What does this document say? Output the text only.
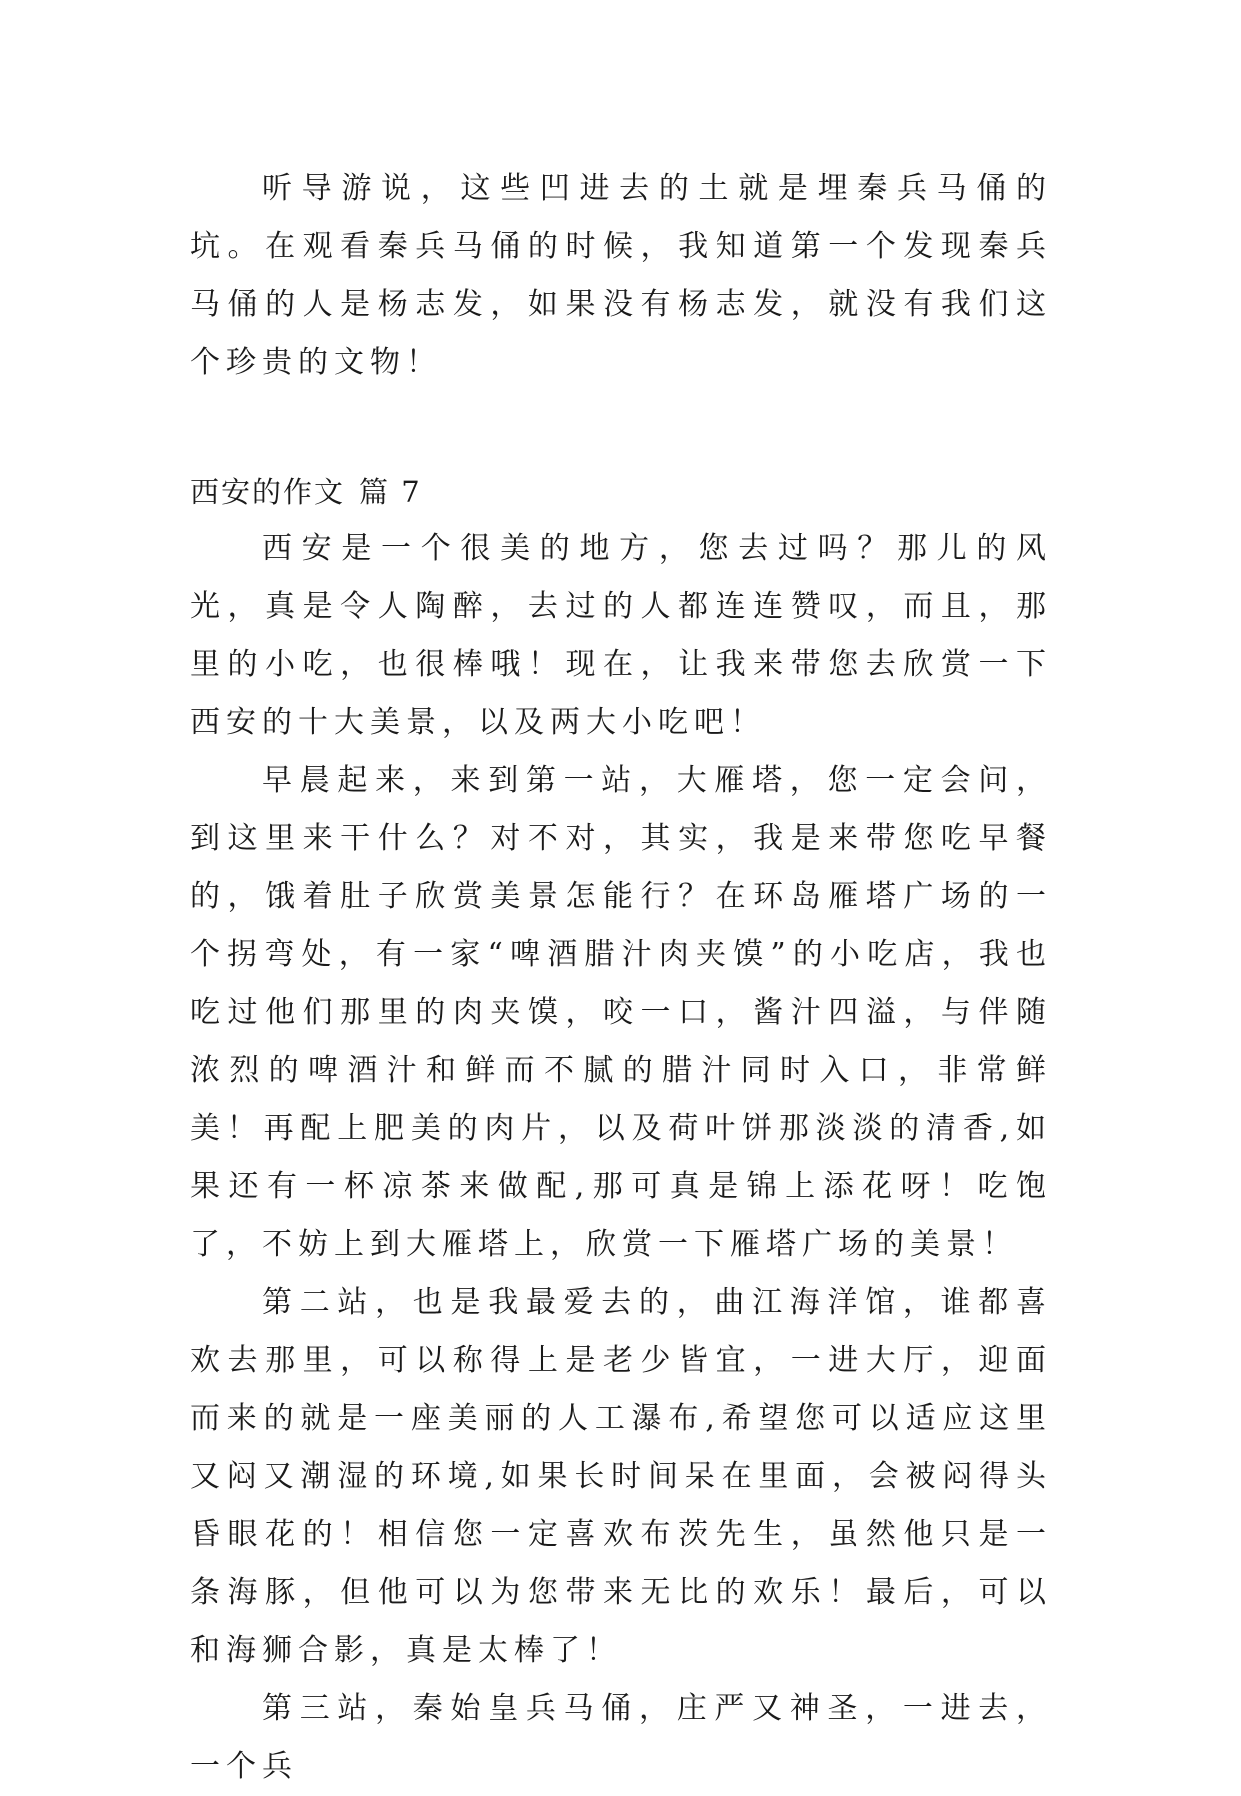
听导游说，这些凹进去的土就是埋秦兵马俑的坑。在观看秦兵马俑的时候，我知道第一个发现秦兵马俑的人是杨志发，如果没有杨志发，就没有我们这个珍贵的文物！

西安的作文 篇 7

西安是一个很美的地方，您去过吗？那儿的风光，真是令人陶醉，去过的人都连连赞叹，而且，那里的小吃，也很棒哦！现在，让我来带您去欣赏一下西安的十大美景，以及两大小吃吧！

早晨起来，来到第一站，大雁塔，您一定会问，到这里来干什么？对不对，其实，我是来带您吃早餐的，饿着肚子欣赏美景怎能行？在环岛雁塔广场的一个拐弯处，有一家“啤酒腊汁肉夹馍”的小吃店，我也吃过他们那里的肉夹馍，咬一口，酱汁四溢，与伴随浓烈的啤酒汁和鲜而不腻的腊汁同时入口，非常鲜美！再配上肥美的肉片，以及荷叶饼那淡淡的清香,如果还有一杯凉茶来做配,那可真是锦上添花呀！吃饱了，不妨上到大雁塔上，欣赏一下雁塔广场的美景！

第二站，也是我最爱去的，曲江海洋馆，谁都喜欢去那里，可以称得上是老少皆宜，一进大厅，迎面而来的就是一座美丽的人工瀑布,希望您可以适应这里又闷又潮湿的环境,如果长时间呆在里面，会被闷得头昏眼花的！相信您一定喜欢布茨先生，虽然他只是一条海豚，但他可以为您带来无比的欢乐！最后，可以和海狮合影，真是太棒了！

第三站，秦始皇兵马俑，庄严又神圣，一进去，一个兵
